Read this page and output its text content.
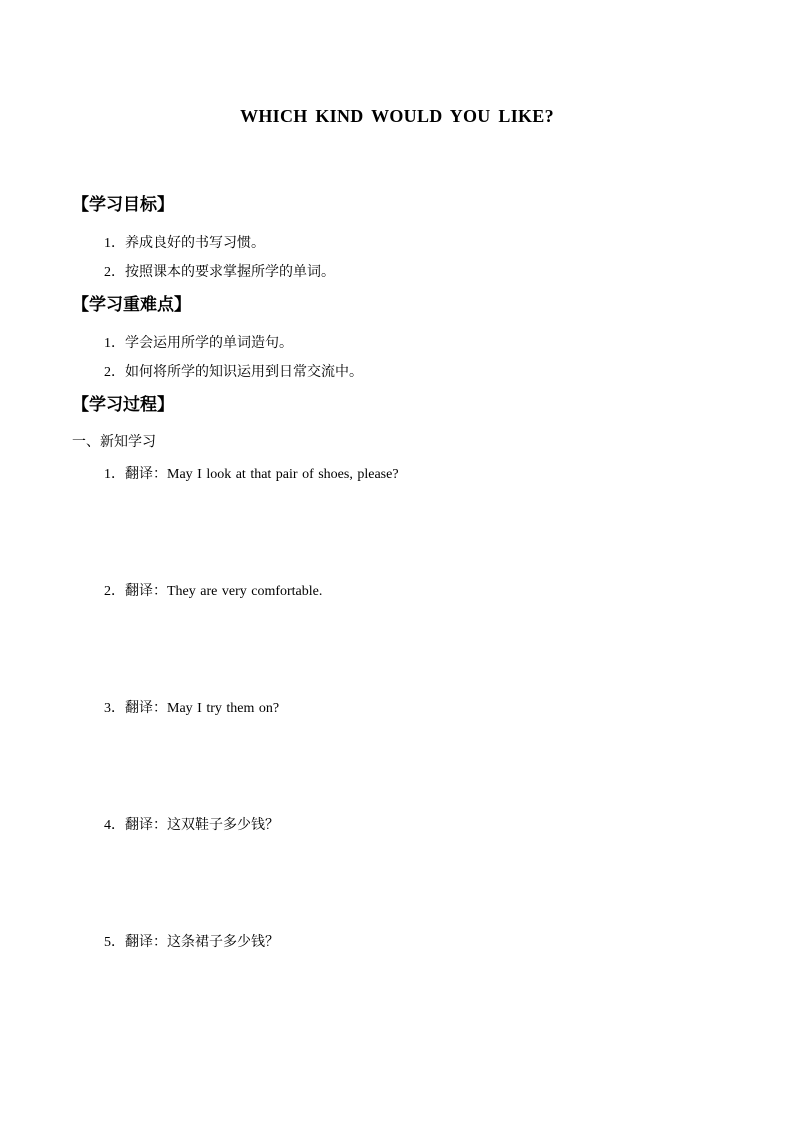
WHICH KIND WOULD YOU LIKE?
【学习目标】
1．养成良好的书写习惯。
2．按照课本的要求掌握所学的单词。
【学习重难点】
1．学会运用所学的单词造句。
2．如何将所学的知识运用到日常交流中。
【学习过程】
一、新知学习
1．翻译：May I look at that pair of shoes, please?
2．翻译：They are very comfortable.
3．翻译：May I try them on?
4．翻译：这双鞋子多少钱？
5．翻译：这条裙子多少钱？
